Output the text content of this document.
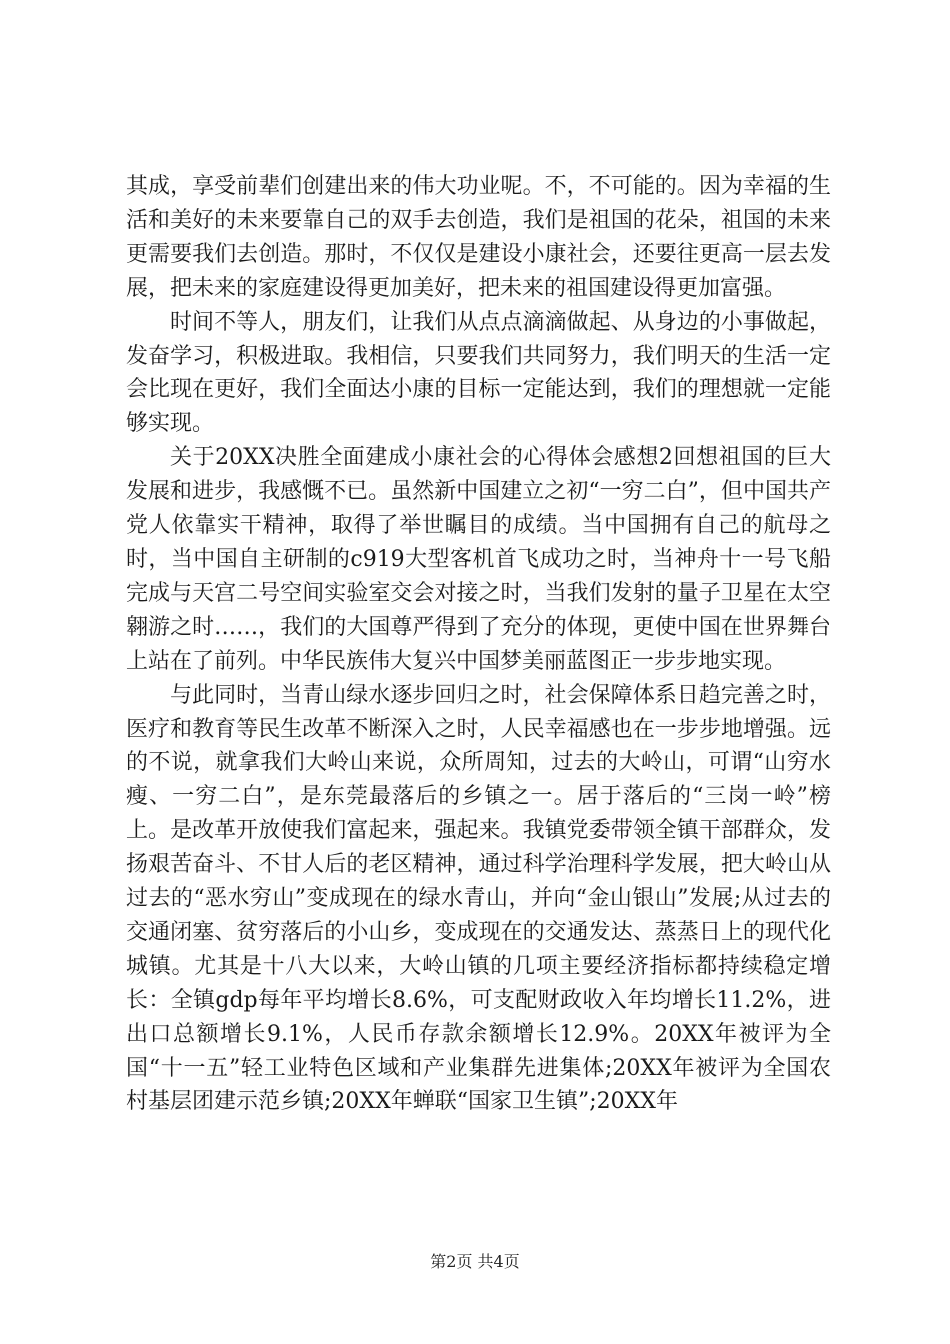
其成，享受前辈们创建出来的伟大功业呢。不，不可能的。因为幸福的生活和美好的未来要靠自己的双手去创造，我们是祖国的花朵，祖国的未来更需要我们去创造。那时，不仅仅是建设小康社会，还要往更高一层去发展，把未来的家庭建设得更加美好，把未来的祖国建设得更加富强。

时间不等人，朋友们，让我们从点点滴滴做起、从身边的小事做起，发奋学习，积极进取。我相信，只要我们共同努力，我们明天的生活一定会比现在更好，我们全面达小康的目标一定能达到，我们的理想就一定能够实现。

关于20XX决胜全面建成小康社会的心得体会感想2回想祖国的巨大发展和进步，我感慨不已。虽然新中国建立之初“一穷二白”，但中国共产党人依靠实干精神，取得了举世瞩目的成绩。当中国拥有自己的航母之时，当中国自主研制的c919大型客机首飞成功之时，当神舟十一号飞船完成与天宫二号空间实验室交会对接之时，当我们发射的量子卫星在太空翱游之时……，我们的大国尊严得到了充分的体现，更使中国在世界舞台上站在了前列。中华民族伟大复兴中国梦美丽蓝图正一步步地实现。

与此同时，当青山绿水逐步回归之时，社会保障体系日趋完善之时，医疗和教育等民生改革不断深入之时，人民幸福感也在一步步地增强。远的不说，就拿我们大岭山来说，众所周知，过去的大岭山，可谓“山穷水瘦、一穷二白”，是东莞最落后的乡镇之一。居于落后的“三岗一岭”榜上。是改革开放使我们富起来，强起来。我镇党委带领全镇干部群众，发扬艰苦奋斗、不甘人后的老区精神，通过科学治理科学发展，把大岭山从过去的“恶水穷山”变成现在的绿水青山，并向“金山银山”发展;从过去的交通闭塞、贫穷落后的小山乡，变成现在的交通发达、蒸蒸日上的现代化城镇。尤其是十八大以来，大岭山镇的几项主要经济指标都持续稳定增长：全镇gdp每年平均增长8.6%，可支配财政收入年均增长11.2%，进出口总额增长9.1%，人民币存款余额增长12.9%。20XX年被评为全国“十一五”轻工业特色区域和产业集群先进集体;20XX年被评为全国农村基层团建示范乡镇;20XX年蝉联“国家卫生镇”;20XX年

第2页 共4页
